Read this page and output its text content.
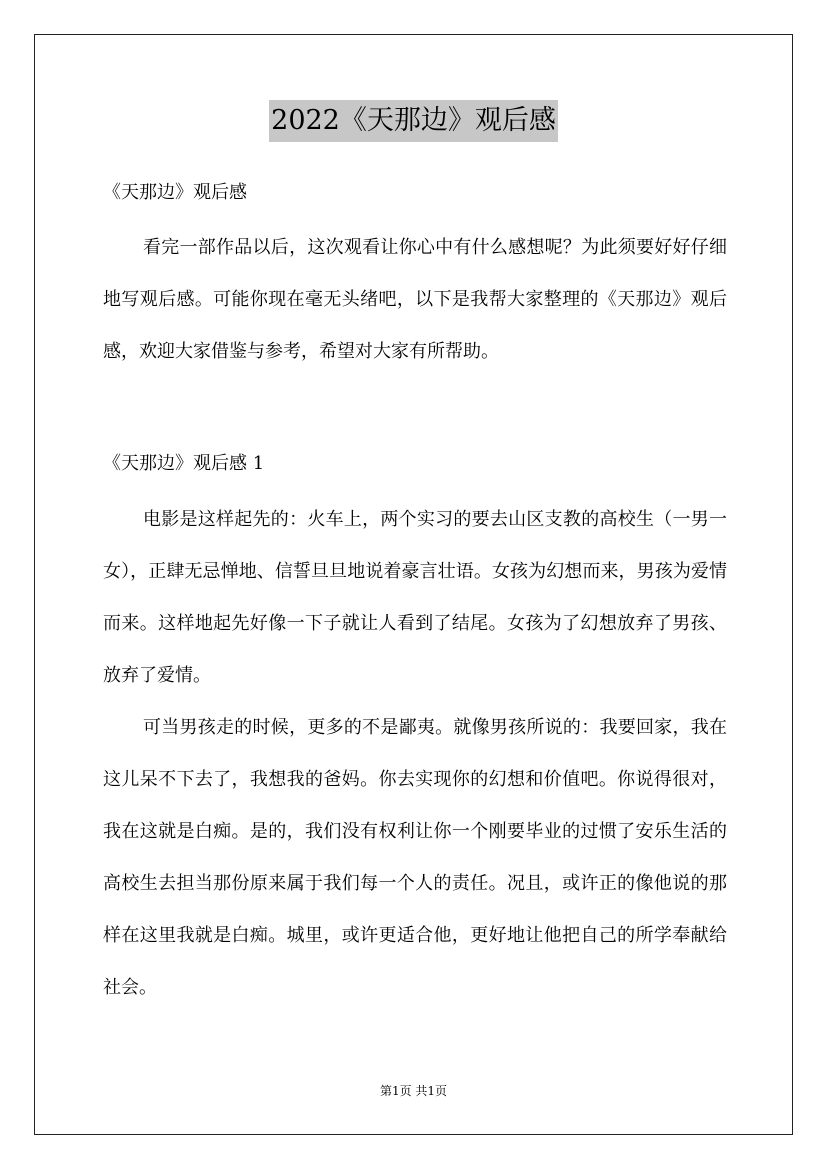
2022《天那边》观后感
《天那边》观后感

看完一部作品以后，这次观看让你心中有什么感想呢？为此须要好好仔细地写观后感。可能你现在毫无头绪吧，以下是我帮大家整理的《天那边》观后感，欢迎大家借鉴与参考，希望对大家有所帮助。

《天那边》观后感 1

电影是这样起先的：火车上，两个实习的要去山区支教的高校生（一男一女），正肆无忌惮地、信誓旦旦地说着豪言壮语。女孩为幻想而来，男孩为爱情而来。这样地起先好像一下子就让人看到了结尾。女孩为了幻想放弃了男孩、放弃了爱情。

可当男孩走的时候，更多的不是鄙夷。就像男孩所说的：我要回家，我在这儿呆不下去了，我想我的爸妈。你去实现你的幻想和价值吧。你说得很对，我在这就是白痴。是的，我们没有权利让你一个刚要毕业的过惯了安乐生活的高校生去担当那份原来属于我们每一个人的责任。况且，或许正的像他说的那样在这里我就是白痴。城里，或许更适合他，更好地让他把自己的所学奉献给社会。

第1页 共1页
